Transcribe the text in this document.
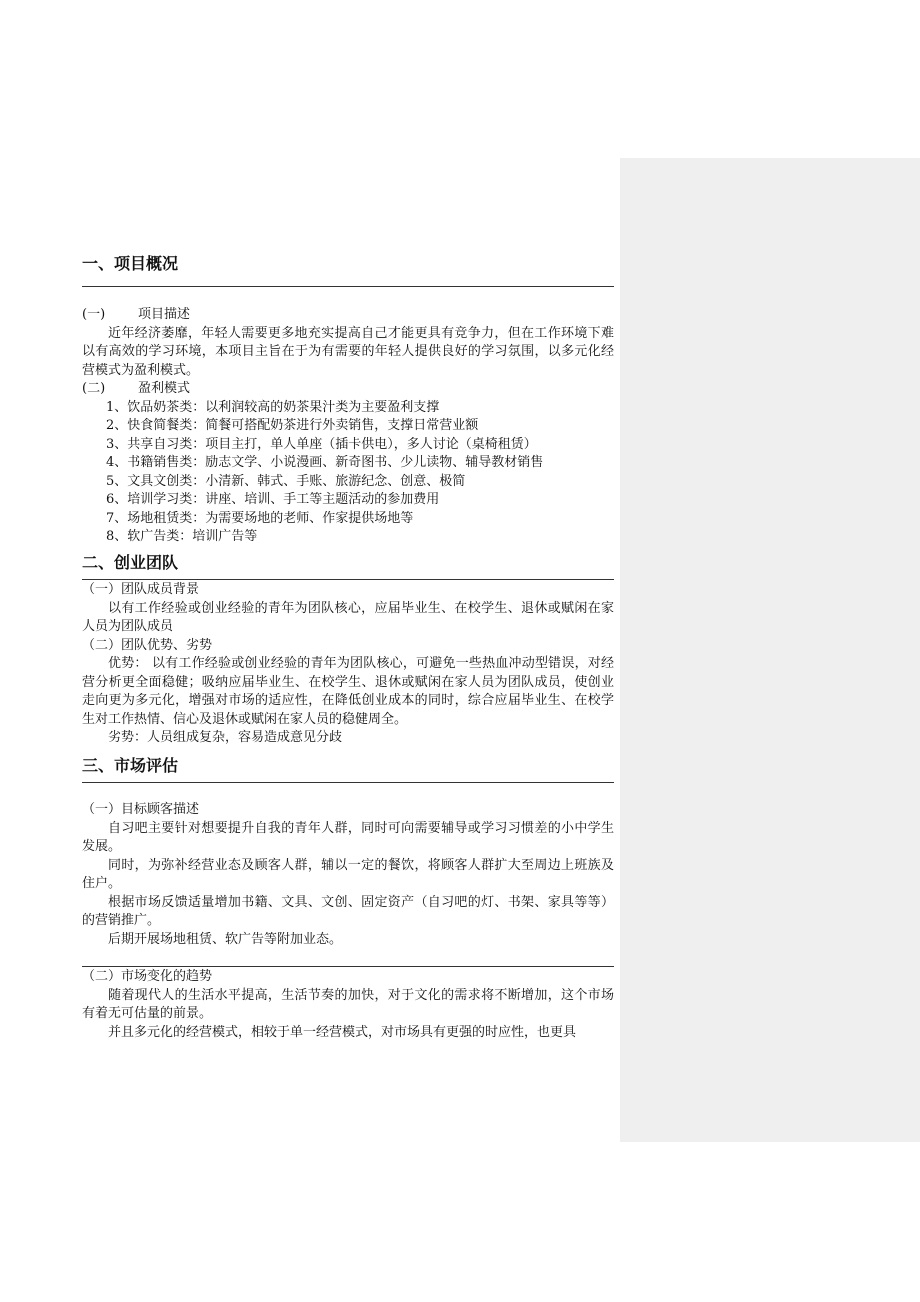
一、项目概况
(一)	项目描述

近年经济萎靡，年轻人需要更多地充实提高自己才能更具有竞争力，但在工作环境下难以有高效的学习环境，本项目主旨在于为有需要的年轻人提供良好的学习氛围，以多元化经营模式为盈利模式。

(二)	盈利模式
1、饮品奶茶类：以利润较高的奶茶果汁类为主要盈利支撑
2、快食简餐类：简餐可搭配奶茶进行外卖销售，支撑日常营业额
3、共享自习类：项目主打，单人单座（插卡供电），多人讨论（桌椅租赁）
4、书籍销售类：励志文学、小说漫画、新奇图书、少儿读物、辅导教材销售
5、文具文创类：小清新、韩式、手账、旅游纪念、创意、极简
6、培训学习类：讲座、培训、手工等主题活动的参加费用
7、场地租赁类：为需要场地的老师、作家提供场地等
8、软广告类：培训广告等
二、创业团队
（一）团队成员背景

以有工作经验或创业经验的青年为团队核心，应届毕业生、在校学生、退休或赋闲在家人员为团队成员

（二）团队优势、劣势

优势： 以有工作经验或创业经验的青年为团队核心，可避免一些热血冲动型错误，对经营分析更全面稳健；吸纳应届毕业生、在校学生、退休或赋闲在家人员为团队成员，使创业走向更为多元化，增强对市场的适应性，在降低创业成本的同时，综合应届毕业生、在校学生对工作热情、信心及退休或赋闲在家人员的稳健周全。

劣势：人员组成复杂，容易造成意见分歧

三、市场评估
（一）目标顾客描述

自习吧主要针对想要提升自我的青年人群，同时可向需要辅导或学习习惯差的小中学生发展。

同时，为弥补经营业态及顾客人群，辅以一定的餐饮，将顾客人群扩大至周边上班族及住户。

根据市场反馈适量增加书籍、文具、文创、固定资产（自习吧的灯、书架、家具等等）的营销推广。

后期开展场地租赁、软广告等附加业态。

（二）市场变化的趋势

随着现代人的生活水平提高，生活节奏的加快，对于文化的需求将不断增加，这个市场有着无可估量的前景。

并且多元化的经营模式，相较于单一经营模式，对市场具有更强的时应性，也更具
